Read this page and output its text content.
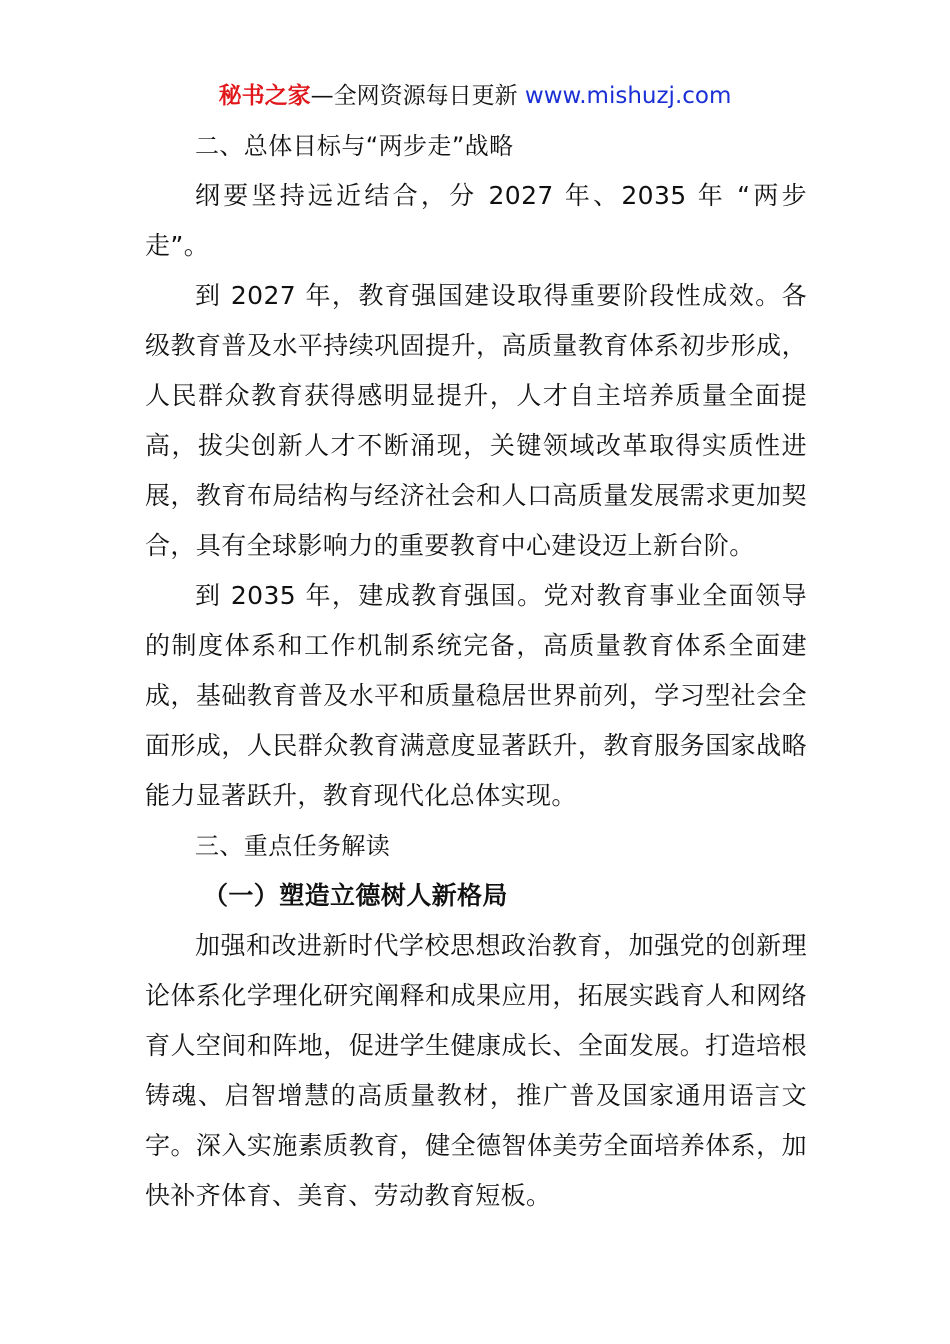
秘书之家—全网资源每日更新 www.mishuzj.com

二、总体目标与“两步走”战略

纲要坚持远近结合，分 2027 年、2035 年 “两步走”。

到 2027 年，教育强国建设取得重要阶段性成效。各级教育普及水平持续巩固提升，高质量教育体系初步形成，人民群众教育获得感明显提升，人才自主培养质量全面提高，拔尖创新人才不断涌现，关键领域改革取得实质性进展，教育布局结构与经济社会和人口高质量发展需求更加契合，具有全球影响力的重要教育中心建设迈上新台阶。

到 2035 年，建成教育强国。党对教育事业全面领导的制度体系和工作机制系统完备，高质量教育体系全面建成，基础教育普及水平和质量稳居世界前列，学习型社会全面形成，人民群众教育满意度显著跃升，教育服务国家战略能力显著跃升，教育现代化总体实现。

三、重点任务解读

（一）塑造立德树人新格局

加强和改进新时代学校思想政治教育，加强党的创新理论体系化学理化研究阐释和成果应用，拓展实践育人和网络育人空间和阵地，促进学生健康成长、全面发展。打造培根铸魂、启智增慧的高质量教材，推广普及国家通用语言文字。深入实施素质教育，健全德智体美劳全面培养体系，加快补齐体育、美育、劳动教育短板。
